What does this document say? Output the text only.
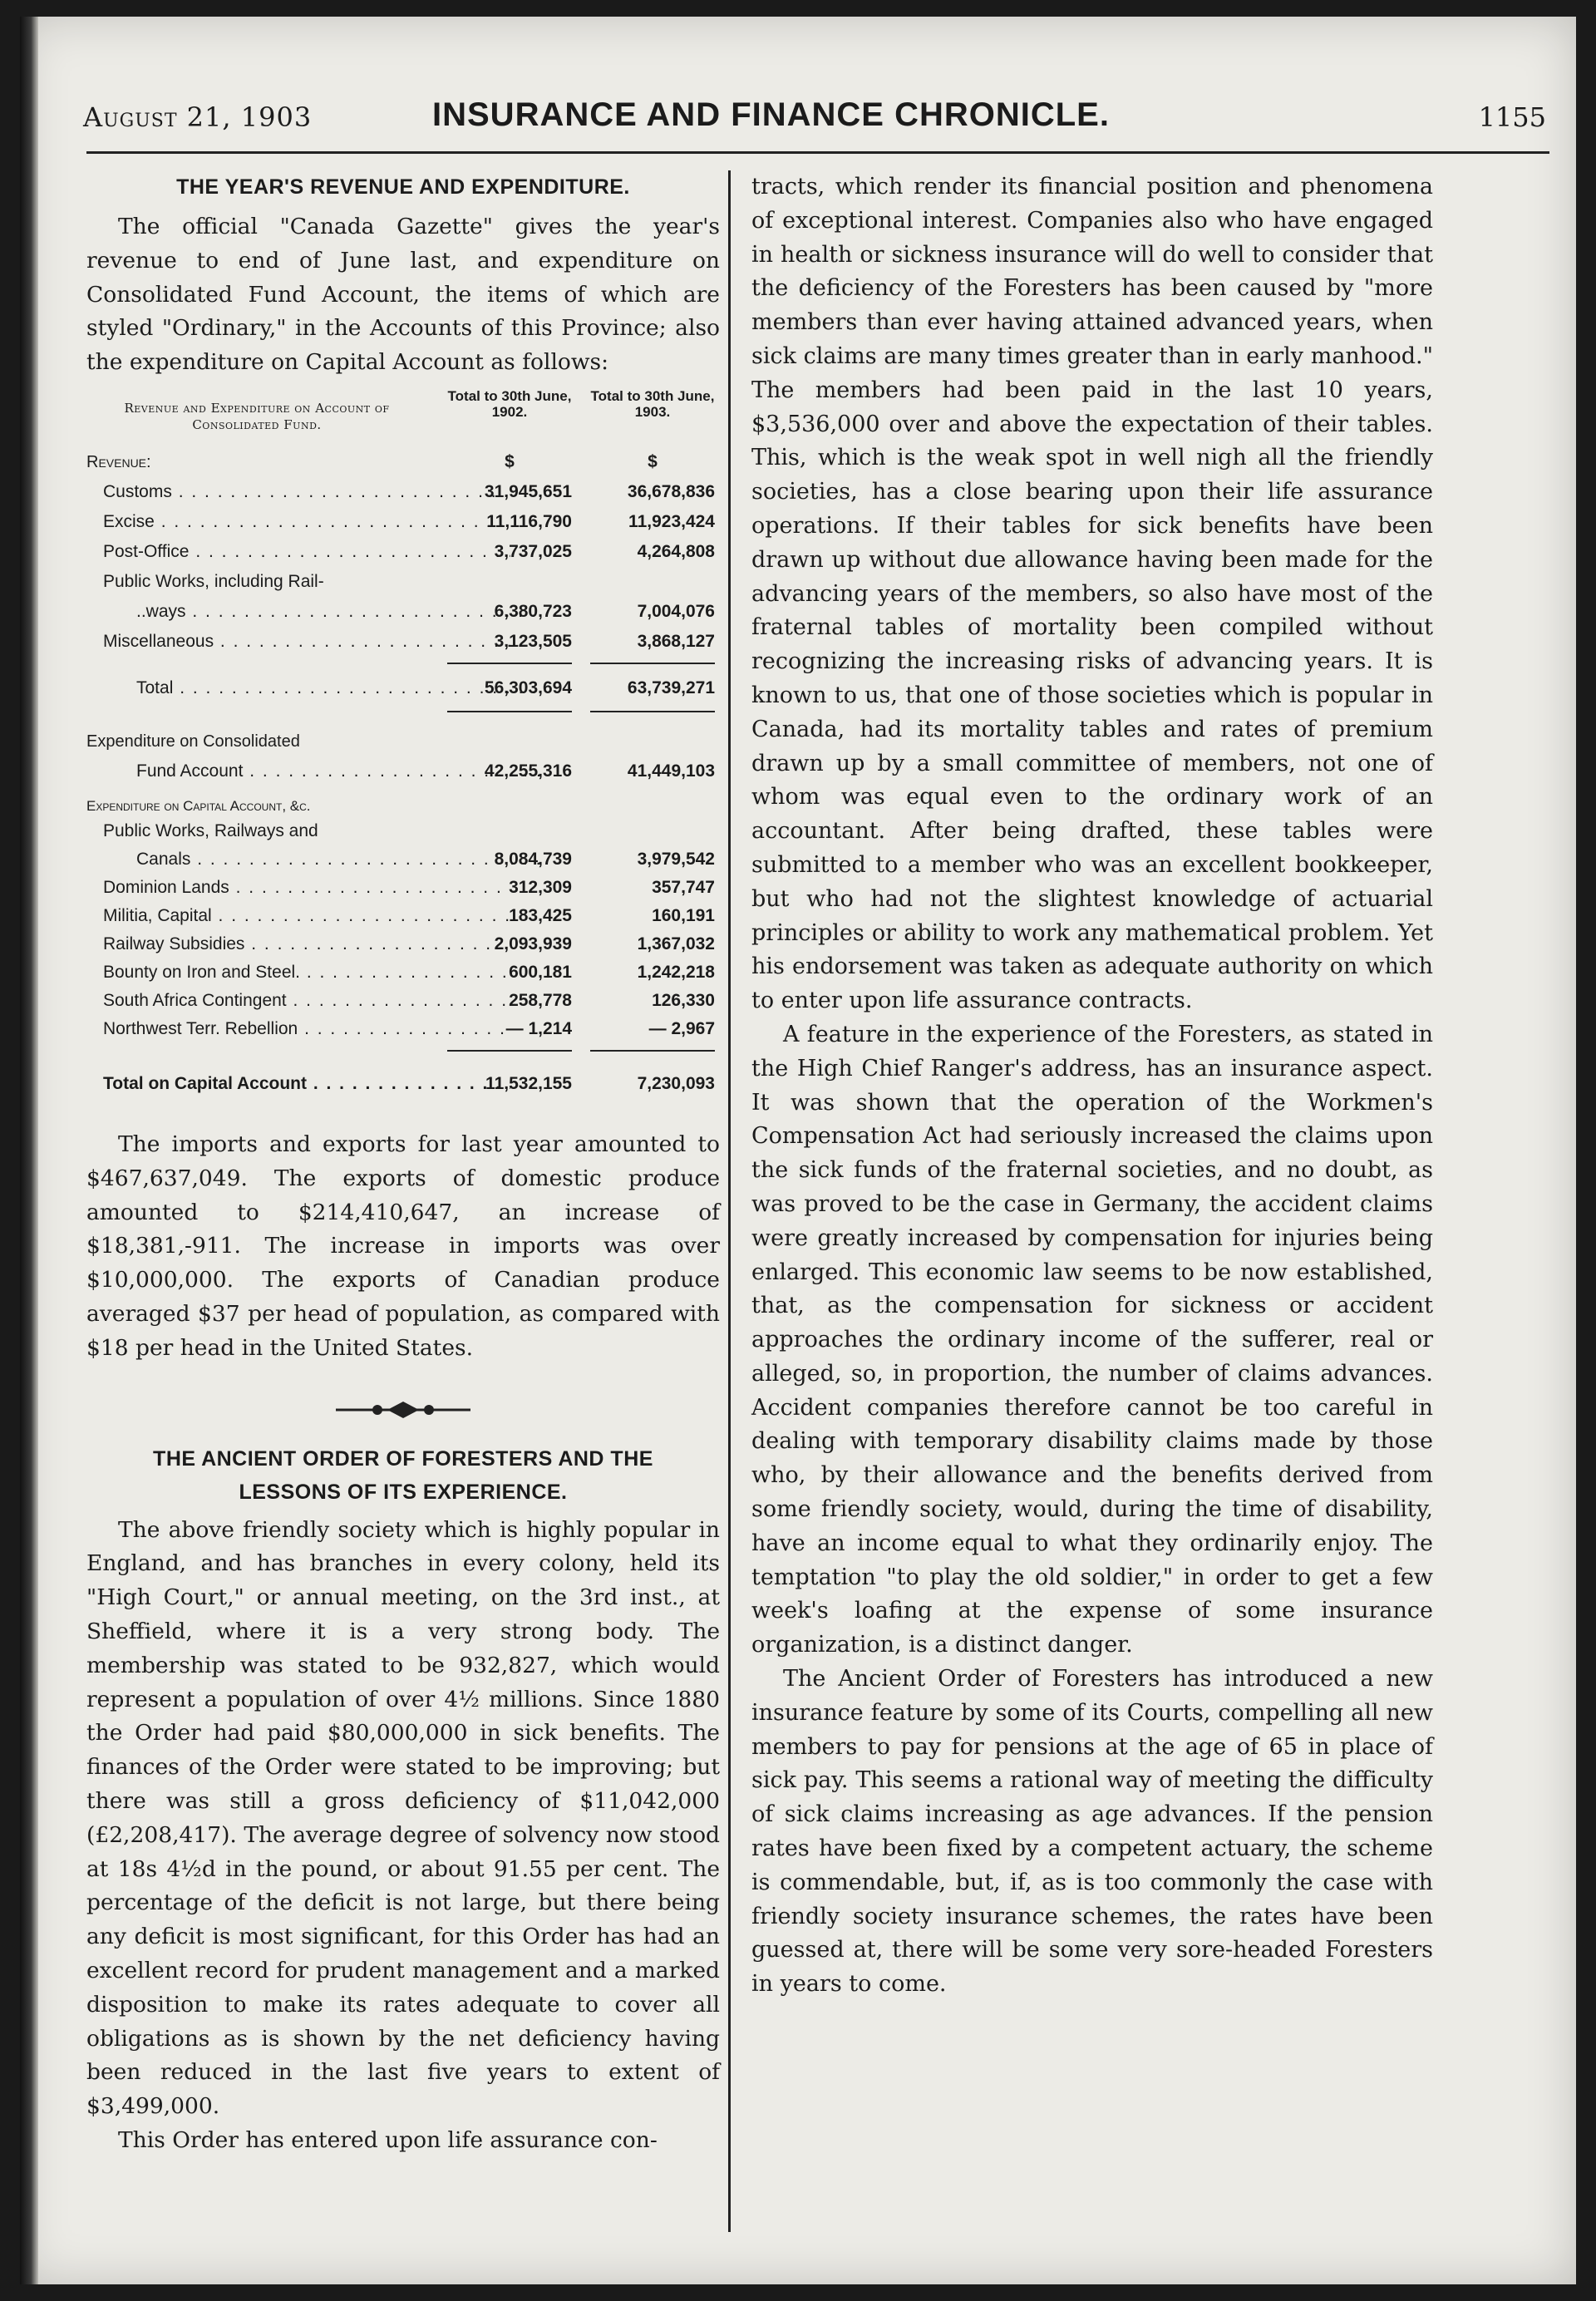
August 21, 1903	INSURANCE AND FINANCE CHRONICLE.	1155
THE YEAR'S REVENUE AND EXPENDITURE.

The official "Canada Gazette" gives the year's revenue to end of June last, and expenditure on Consolidated Fund Account, the items of which are styled "Ordinary," in the Accounts of this Province; also the expenditure on Capital Account as follows:

Revenue and Expenditure on Account of Consolidated Fund.
Total to 30th June, 1902.
Total to 30th June, 1903.
Revenue:	$	$
Customs . . .	31,945,651	36,678,836
Excise . . .	11,116,790	11,923,424
Post-Office . . .	3,737,025	4,264,808
Public Works, including Rail-
..ways . . .	6,380,723	7,004,076
Miscellaneous . . .	3,123,505	3,868,127
Total . . .	56,303,694	63,739,271
Expenditure on Consolidated
Fund Account . . .	42,255,316	41,449,103
Expenditure on Capital Account, &c.
Public Works, Railways and
Canals . . .	8,084,739	3,979,542
Dominion Lands . . .	312,309	357,747
Militia, Capital . . .	183,425	160,191
Railway Subsidies . . .	2,093,939	1,367,032
Bounty on Iron and Steel. . . .	600,181	1,242,218
South Africa Contingent . . .	258,778	126,330
Northwest Terr. Rebellion . . .	— 1,214	— 2,967
Total on Capital Account . . .	11,532,155	7,230,093

The imports and exports for last year amounted to $467,637,049. The exports of domestic produce amounted to $214,410,647, an increase of $18,381,-911. The increase in imports was over $10,000,000. The exports of Canadian produce averaged $37 per head of population, as compared with $18 per head in the United States.

THE ANCIENT ORDER OF FORESTERS AND THE
LESSONS OF ITS EXPERIENCE.

The above friendly society which is highly popular in England, and has branches in every colony, held its "High Court," or annual meeting, on the 3rd inst., at Sheffield, where it is a very strong body. The membership was stated to be 932,827, which would represent a population of over 4½ millions. Since 1880 the Order had paid $80,000,000 in sick benefits. The finances of the Order were stated to be improving; but there was still a gross deficiency of $11,042,000 (£2,208,417). The average degree of solvency now stood at 18s 4½d in the pound, or about 91.55 per cent. The percentage of the deficit is not large, but there being any deficit is most significant, for this Order has had an excellent record for prudent management and a marked disposition to make its rates adequate to cover all obligations as is shown by the net deficiency having been reduced in the last five years to extent of $3,499,000.

This Order has entered upon life assurance con-

tracts, which render its financial position and phenomena of exceptional interest. Companies also who have engaged in health or sickness insurance will do well to consider that the deficiency of the Foresters has been caused by "more members than ever having attained advanced years, when sick claims are many times greater than in early manhood." The members had been paid in the last 10 years, $3,536,000 over and above the expectation of their tables. This, which is the weak spot in well nigh all the friendly societies, has a close bearing upon their life assurance operations. If their tables for sick benefits have been drawn up without due allowance having been made for the advancing years of the members, so also have most of the fraternal tables of mortality been compiled without recognizing the increasing risks of advancing years. It is known to us, that one of those societies which is popular in Canada, had its mortality tables and rates of premium drawn up by a small committee of members, not one of whom was equal even to the ordinary work of an accountant. After being drafted, these tables were submitted to a member who was an excellent bookkeeper, but who had not the slightest knowledge of actuarial principles or ability to work any mathematical problem. Yet his endorsement was taken as adequate authority on which to enter upon life assurance contracts.

A feature in the experience of the Foresters, as stated in the High Chief Ranger's address, has an insurance aspect. It was shown that the operation of the Workmen's Compensation Act had seriously increased the claims upon the sick funds of the fraternal societies, and no doubt, as was proved to be the case in Germany, the accident claims were greatly increased by compensation for injuries being enlarged. This economic law seems to be now established, that, as the compensation for sickness or accident approaches the ordinary income of the sufferer, real or alleged, so, in proportion, the number of claims advances. Accident companies therefore cannot be too careful in dealing with temporary disability claims made by those who, by their allowance and the benefits derived from some friendly society, would, during the time of disability, have an income equal to what they ordinarily enjoy. The temptation "to play the old soldier," in order to get a few week's loafing at the expense of some insurance organization, is a distinct danger.

The Ancient Order of Foresters has introduced a new insurance feature by some of its Courts, compelling all new members to pay for pensions at the age of 65 in place of sick pay. This seems a rational way of meeting the difficulty of sick claims increasing as age advances. If the pension rates have been fixed by a competent actuary, the scheme is commendable, but, if, as is too commonly the case with friendly society insurance schemes, the rates have been guessed at, there will be some very sore-headed Foresters in years to come.
